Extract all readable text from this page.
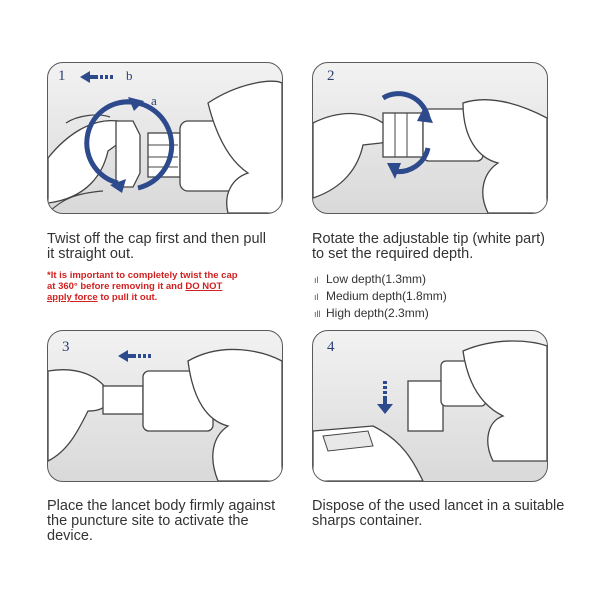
1	b
a
2
3	4
Twist off the cap first and then pull
it straight out.
*It is important to completely twist the cap
at 360° before removing it and DO NOT
apply force to pull it out.
Rotate the adjustable tip (white part)
to set the required depth.
ıl Low depth(1.3mm)
ıl Medium depth(1.8mm)
ıll High depth(2.3mm)
Place the lancet body firmly against
the puncture site to activate the
device.
Dispose of the used lancet in a suitable
sharps container.
